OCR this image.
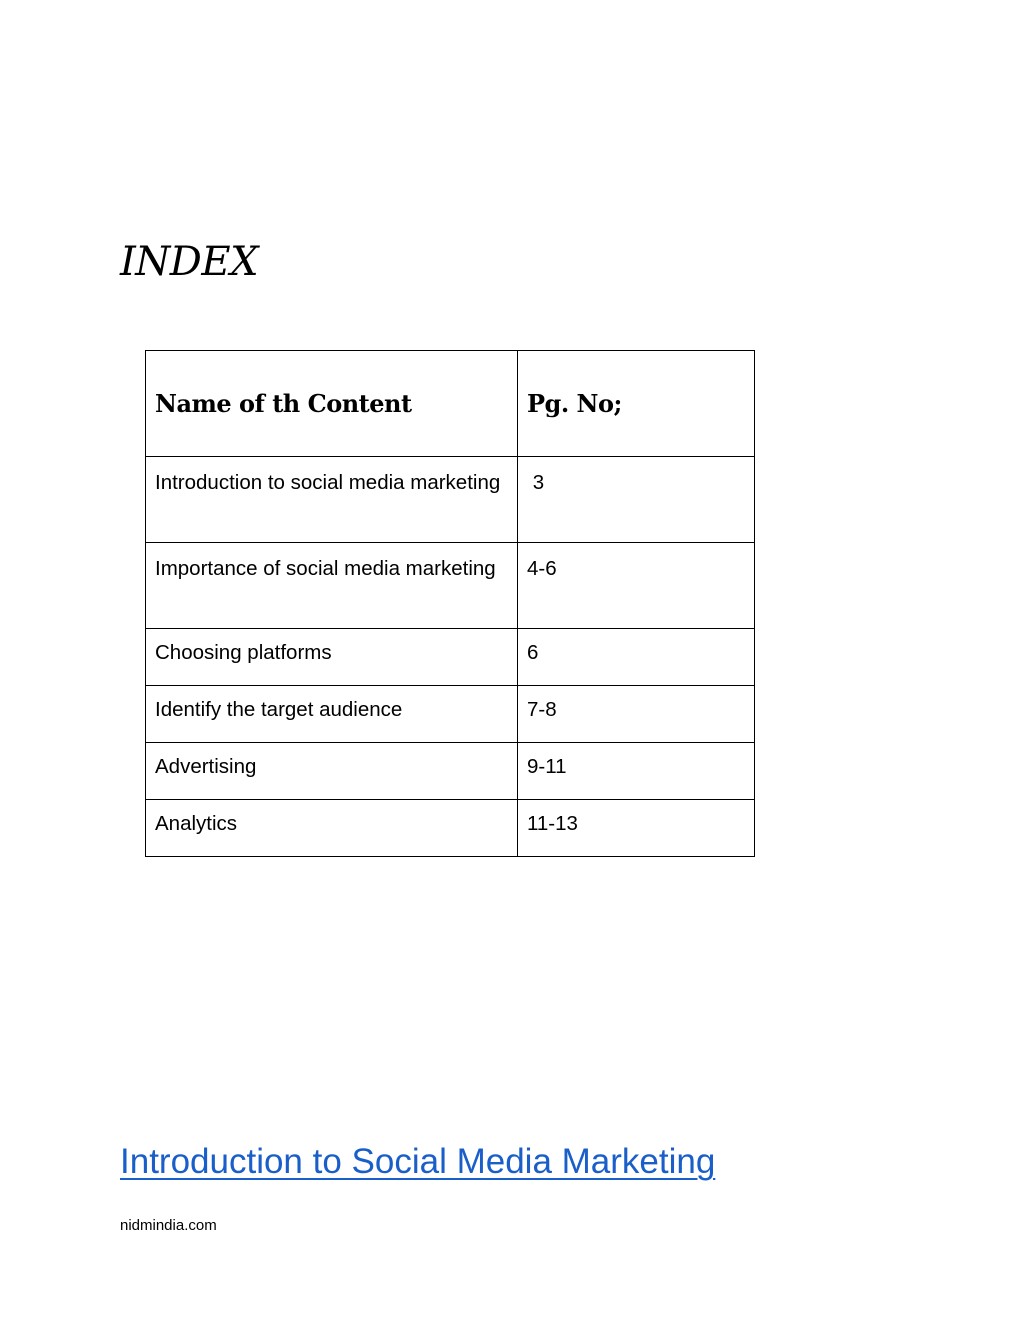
INDEX
Name of th Content	Pg. No;
Introduction to social media marketing	3
Importance of social media marketing	4-6
Choosing platforms	6
Identify the target audience	7-8
Advertising	9-11
Analytics	11-13
Introduction to Social Media Marketing
nidmindia.com
